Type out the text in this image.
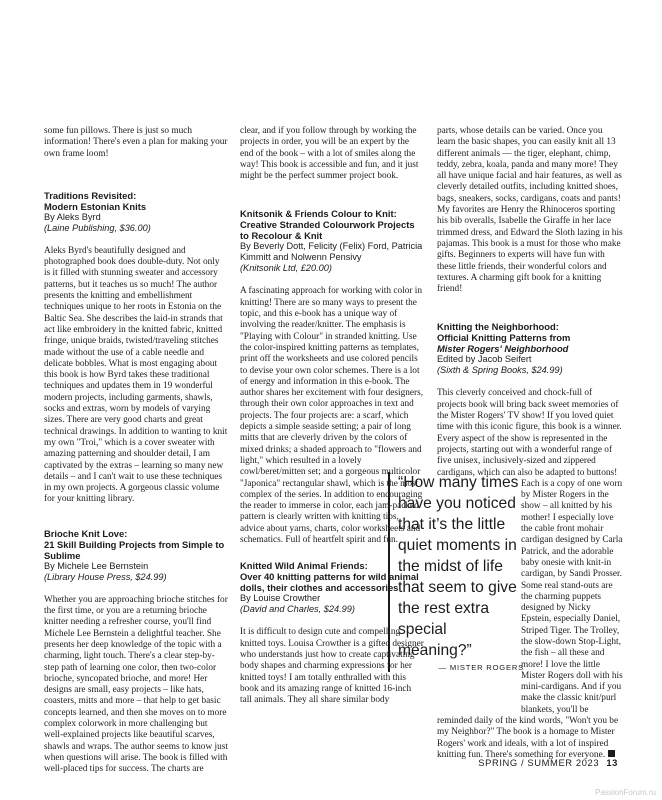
some fun pillows. There is just so much information! There's even a plan for making your own frame loom!

Traditions Revisited:
Modern Estonian Knits

By Aleks Byrd

(Laine Publishing, $36.00)

Aleks Byrd's beautifully designed and photographed book does double-duty. Not only is it filled with stunning sweater and accessory patterns, but it teaches us so much! The author presents the knitting and embellishment techniques unique to her roots in Estonia on the Baltic Sea. She describes the laid-in strands that act like embroidery in the knitted fabric, knitted fringe, unique braids, twisted/traveling stitches made without the use of a cable needle and delicate bobbles. What is most engaging about this book is how Byrd takes these traditional techniques and updates them in 19 wonderful modern projects, including garments, shawls, socks and extras, worn by models of varying sizes. There are very good charts and great technical drawings. In addition to wanting to knit my own "Troi," which is a cover sweater with amazing patterning and shoulder detail, I am captivated by the extras – learning so many new details – and I can't wait to use these techniques in my own projects. A gorgeous classic volume for your knitting library.

Brioche Knit Love:
21 Skill Building Projects from Simple to Sublime

By Michele Lee Bernstein

(Library House Press, $24.99)

Whether you are approaching brioche stitches for the first time, or you are a returning brioche knitter needing a refresher course, you'll find Michele Lee Bernstein a delightful teacher. She presents her deep knowledge of the topic with a charming, light touch. There's a clear step-by-step path of learning one color, then two-color brioche, syncopated brioche, and more! Her designs are small, easy projects – like hats, coasters, mitts and more – that help to get basic concepts learned, and then she moves on to more complex colorwork in more challenging but well-explained projects like beautiful scarves, shawls and wraps. The author seems to know just when questions will arise. The book is filled with well-placed tips for success. The charts are

clear, and if you follow through by working the projects in order, you will be an expert by the end of the book – with a lot of smiles along the way! This book is accessible and fun, and it just might be the perfect summer project book.

Knitsonik & Friends Colour to Knit:
Creative Stranded Colourwork Projects to Recolour & Knit

By Beverly Dott, Felicity (Felix) Ford, Patricia Kimmitt and Nolwenn Pensivy

(Knitsonik Ltd, £20.00)

A fascinating approach for working with color in knitting! There are so many ways to present the topic, and this e-book has a unique way of involving the reader/knitter. The emphasis is "Playing with Colour" in stranded knitting. Use the color-inspired knitting patterns as templates, print off the worksheets and use colored pencils to devise your own color schemes. There is a lot of energy and information in this e-book. The author shares her excitement with four designers, through their own color approaches in text and projects. The four projects are: a scarf, which depicts a simple seaside setting; a pair of long mitts that are cleverly driven by the colors of mixed drinks; a shaded approach to "flowers and light," which resulted in a lovely cowl/beret/mitten set; and a gorgeous multicolor "Japonica" rectangular shawl, which is the most complex of the series. In addition to encouraging the reader to immerse in color, each jam-packed pattern is clearly written with knitting tips, advice about yarns, charts, color worksheets and schematics. Full of heartfelt spirit and fun.

Knitted Wild Animal Friends:
Over 40 knitting patterns for wild animal dolls, their clothes and accessories

By Louise Crowther

(David and Charles, $24.99)

It is difficult to design cute and compelling knitted toys. Louisa Crowther is a gifted designer who understands just how to create captivating body shapes and charming expressions for her knitted toys! I am totally enthralled with this book and its amazing range of knitted 16-inch tall animals. They all share similar body

parts, whose details can be varied. Once you learn the basic shapes, you can easily knit all 13 different animals — the tiger, elephant, chimp, teddy, zebra, koala, panda and many more! They all have unique facial and hair features, as well as cleverly detailed outfits, including knitted shoes, bags, sneakers, socks, cardigans, coats and pants! My favorites are Henry the Rhinoceros sporting his bib overalls, Isabelle the Giraffe in her lace trimmed dress, and Edward the Sloth lazing in his pajamas. This book is a must for those who make gifts. Beginners to experts will have fun with these little friends, their wonderful colors and textures. A charming gift book for a knitting friend!

Knitting the Neighborhood:
Official Knitting Patterns from
Mister Rogers' Neighborhood

Edited by Jacob Seifert

(Sixth & Spring Books, $24.99)

This cleverly conceived and chock-full of projects book will bring back sweet memories of the Mister Rogers' TV show! If you loved quiet time with this iconic figure, this book is a winner. Every aspect of the show is represented in the projects, starting out with a wonderful range of five unisex, inclusively-sized and zippered cardigans, which can also be adapted to buttons!

Each is a copy of one worn by Mister Rogers in the show – all knitted by his mother! I especially love the cable front mohair cardigan designed by Carla Patrick, and the adorable baby onesie with knit-in cardigan, by Sandi Prosser. Some real stand-outs are the charming puppets designed by Nicky Epstein, especially Daniel, Striped Tiger. The Trolley, the slow-down Stop-Light, the fish – all these and more! I love the little Mister Rogers doll with his mini-cardigans. And if you make the classic knit/purl blankets, you'll be

reminded daily of the kind words, "Won't you be my Neighbor?" The book is a homage to Mister Rogers' work and ideals, with a lot of inspired knitting fun. There's something for everyone.

“How many times have you noticed that it’s the little quiet moments in the midst of life that seem to give the rest extra special meaning?”

— MISTER ROGERS

SPRING / SUMMER 2023 13
PassionForum.ru
